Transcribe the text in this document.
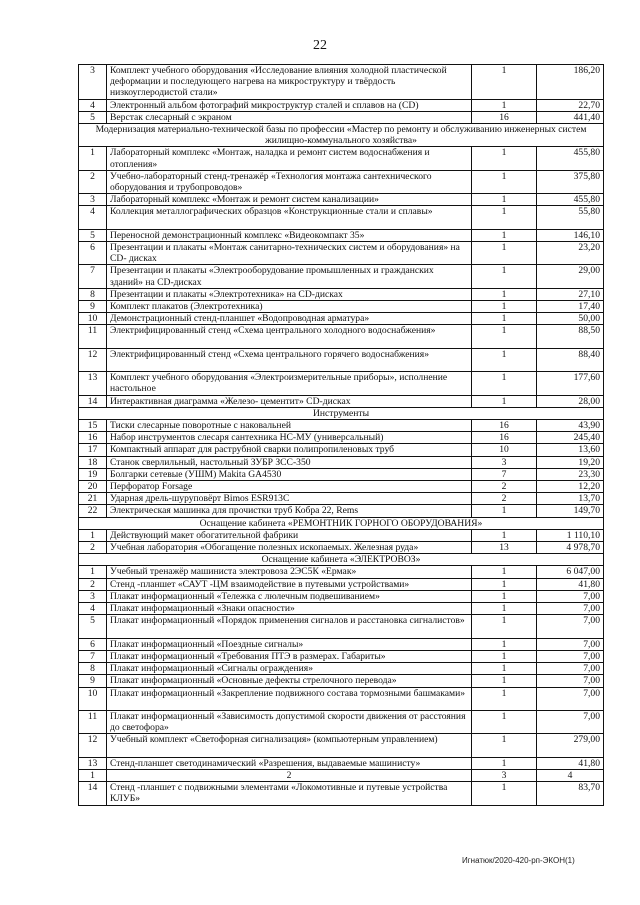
22
3	Комплект учебного оборудования «Исследование влияния холодной пластической деформации и последующего нагрева на микроструктуру и твёрдость низкоуглеродистой стали»	1	186,20
4	Электронный альбом фотографий микроструктур сталей и сплавов на (CD)	1	22,70
5	Верстак слесарный с экраном	16	441,40
Модернизация материально-технической базы по профессии «Мастер по ремонту и обслуживанию инженерных систем жилищно-коммунального хозяйства»			
1	Лабораторный комплекс «Монтаж, наладка и ремонт систем водоснабжения и отопления»	1	455,80
2	Учебно-лабораторный стенд-тренажёр «Технология монтажа сантехнического оборудования и трубопроводов»	1	375,80
3	Лабораторный комплекс «Монтаж и ремонт систем канализации»	1	455,80
4	Коллекция металлографических образцов «Конструкционные стали и сплавы»	1	55,80
5	Переносной демонстрационный комплекс «Видеокомпакт 35»	1	146,10
6	Презентации и плакаты «Монтаж санитарно-технических систем и оборудования» на CD- дисках	1	23,20
7	Презентации и плакаты «Электрооборудование промышленных и гражданских зданий» на CD-дисках	1	29,00
8	Презентации и плакаты «Электротехника» на CD-дисках	1	27,10
9	Комплект плакатов (Электротехника)	1	17,40
10	Демонстрационный стенд-планшет «Водопроводная арматура»	1	50,00
11	Электрифицированный стенд «Схема центрального холодного водоснабжения»	1	88,50
12	Электрифицированный стенд «Схема центрального горячего водоснабжения»	1	88,40
13	Комплект учебного оборудования «Электроизмерительные приборы», исполнение настольное	1	177,60
14	Интерактивная диаграмма «Железо- цементит» CD-дисках	1	28,00
Инструменты			
15	Тиски слесарные поворотные с наковальней	16	43,90
16	Набор инструментов слесаря сантехника НС-МУ (универсальный)	16	245,40
17	Компактный аппарат для раструбной сварки полипропиленовых труб	10	13,60
18	Станок сверлильный, настольный ЗУБР ЗСС-350	3	19,20
19	Болгарки сетевые (УШМ) Makita GA4530	7	23,30
20	Перфоратор Forsage	2	12,20
21	Ударная дрель-шуруповёрт Bimos ESR913C	2	13,70
22	Электрическая машинка для прочистки труб Кобра 22, Rems	1	149,70
Оснащение кабинета «РЕМОНТНИК ГОРНОГО ОБОРУДОВАНИЯ»			
1	Действующий макет обогатительной фабрики	1	1 110,10
2	Учебная лаборатория «Обогащение полезных ископаемых. Железная руда»	13	4 978,70
Оснащение кабинета «ЭЛЕКТРОВОЗ»			
1	Учебный тренажёр машиниста электровоза 2ЭС5К «Ермак»	1	6 047,00
2	Стенд -планшет «САУТ -ЦМ взаимодействие в путевыми устройствами»	1	41,80
3	Плакат информационный «Тележка с люлечным подвешиванием»	1	7,00
4	Плакат информационный «Знаки опасности»	1	7,00
5	Плакат информационный «Порядок применения сигналов и расстановка сигналистов»	1	7,00
6	Плакат информационный «Поездные сигналы»	1	7,00
7	Плакат информационный «Требования ПТЭ в размерах. Габариты»	1	7,00
8	Плакат информационный «Сигналы ограждения»	1	7,00
9	Плакат информационный «Основные дефекты стрелочного перевода»	1	7,00
10	Плакат информационный «Закрепление подвижного состава тормозными башмаками»	1	7,00
11	Плакат информационный «Зависимость допустимой скорости движения от расстояния до светофора»	1	7,00
12	Учебный комплект «Светофорная сигнализация» (компьютерным управлением)	1	279,00
13	Стенд-планшет светодинамический «Разрешения, выдаваемые машинисту»	1	41,80
1	2	3	4
14	Стенд -планшет с подвижными элементами «Локомотивные и путевые устройства КЛУБ»	1	83,70
Игнатюк/2020-420-рп-ЭКОН(1)
